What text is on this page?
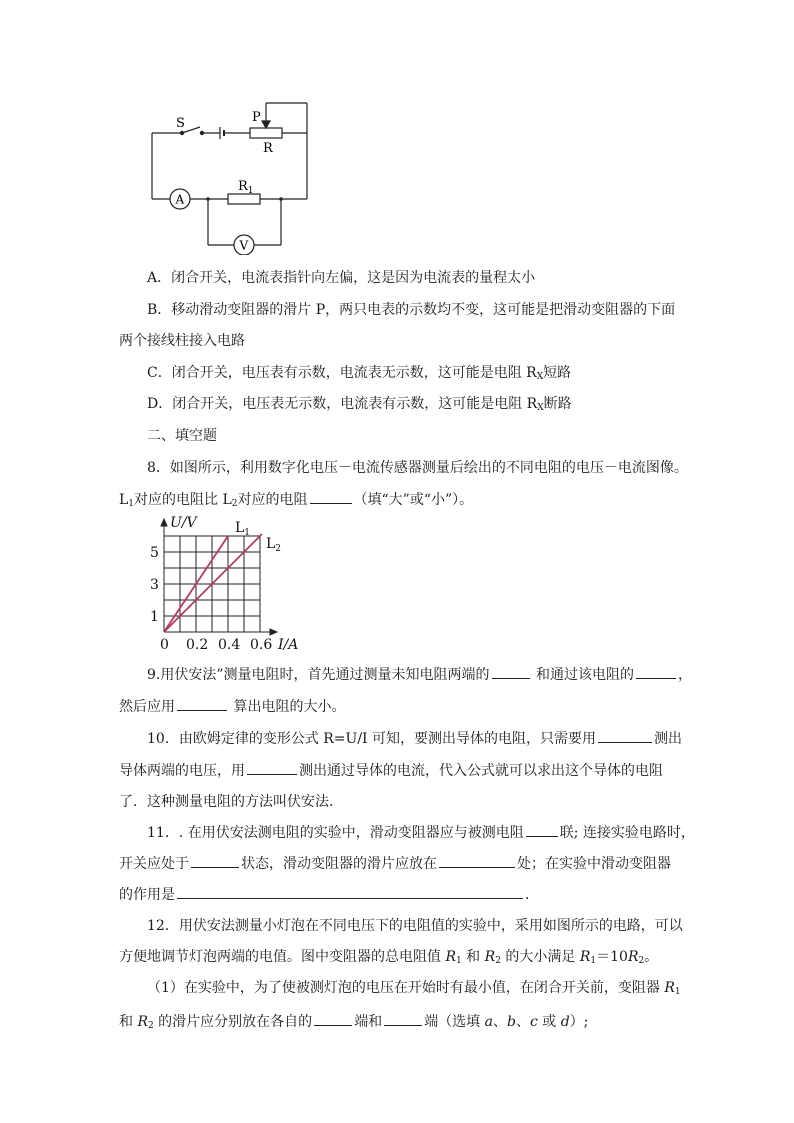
S	P
R
A
V
$R_1$
A．闭合开关，电流表指针向左偏，这是因为电流表的量程太小
B．移动滑动变阻器的滑片 P，两只电表的示数均不变，这可能是把滑动变阻器的下面
两个接线柱接入电路
C．闭合开关，电压表有示数，电流表无示数，这可能是电阻 $R_X$短路
D．闭合开关，电压表无示数，电流表有示数，这可能是电阻 $R_X$断路
二、填空题
8．如图所示，利用数字化电压－电流传感器测量后绘出的不同电阻的电压－电流图像。
$L_1$对应的电阻比 $L_2$对应的电阻	（填“大”或“小”）。
1
3
5
0 0.2 0.4 0.6
U/V
I/A
$L_1$
$L_2$
9.用伏安法”测量电阻时，首先通过测量未知电阻两端的	和通过该电阻的	，
然后应用	算出电阻的大小。
10．由欧姆定律的变形公式 R=U/I 可知，要测出导体的电阻，只需要用	测出
导体两端的电压，用	测出通过导体的电流，代入公式就可以求出这个导体的电阻
了．这种测量电阻的方法叫伏安法．
11．. 在用伏安法测电阻的实验中，滑动变阻器应与被测电阻	联; 连接实验电路时，
开关应处于	状态，滑动变阻器的滑片应放在	处；在实验中滑动变阻器
的作用是	．
12．用伏安法测量小灯泡在不同电压下的电阻值的实验中，采用如图所示的电路，可以
方便地调节灯泡两端的电值。图中变阻器的总电阻值 $R_1$ 和 $R_2$ 的大小满足 $R_1=10R_2$。
（1）在实验中，为了使被测灯泡的电压在开始时有最小值，在闭合开关前，变阻器 $R_1$
和 $R_2$ 的滑片应分别放在各自的	端和	端（选填 a、b、c 或 d）;
